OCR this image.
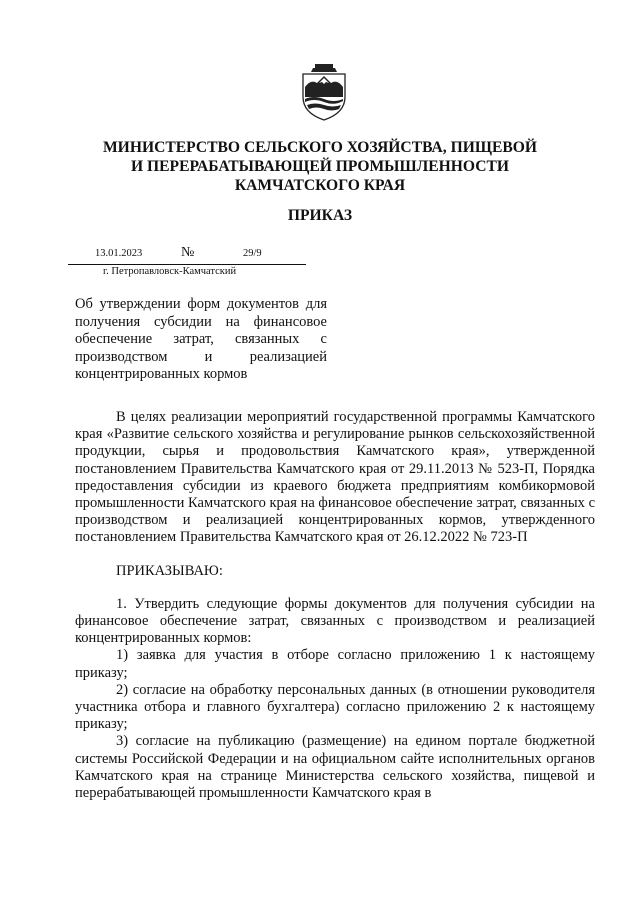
МИНИСТЕРСТВО СЕЛЬСКОГО ХОЗЯЙСТВА, ПИЩЕВОЙ
И ПЕРЕРАБАТЫВАЮЩЕЙ ПРОМЫШЛЕННОСТИ
КАМЧАТСКОГО КРАЯ
ПРИКАЗ
13.01.2023	№	29/9
г. Петропавловск-Камчатский
Об утверждении форм документов для получения субсидии на финансовое обеспечение затрат, связанных с производством и реализацией концентрированных кормов

В целях реализации мероприятий государственной программы Камчатского края «Развитие сельского хозяйства и регулирование рынков сельскохозяйственной продукции, сырья и продовольствия Камчатского края», утвержденной постановлением Правительства Камчатского края от 29.11.2013 № 523-П, Порядка предоставления субсидии из краевого бюджета предприятиям комбикормовой промышленности Камчатского края на финансовое обеспечение затрат, связанных с производством и реализацией концентрированных кормов, утвержденного постановлением Правительства Камчатского края от 26.12.2022 № 723-П

ПРИКАЗЫВАЮ:

1. Утвердить следующие формы документов для получения субсидии на финансовое обеспечение затрат, связанных с производством и реализацией концентрированных кормов:

1) заявка для участия в отборе согласно приложению 1 к настоящему приказу;

2) согласие на обработку персональных данных (в отношении руководителя участника отбора и главного бухгалтера) согласно приложению 2 к настоящему приказу;

3) согласие на публикацию (размещение) на едином портале бюджетной системы Российской Федерации и на официальном сайте исполнительных органов Камчатского края на странице Министерства сельского хозяйства, пищевой и перерабатывающей промышленности Камчатского края в
